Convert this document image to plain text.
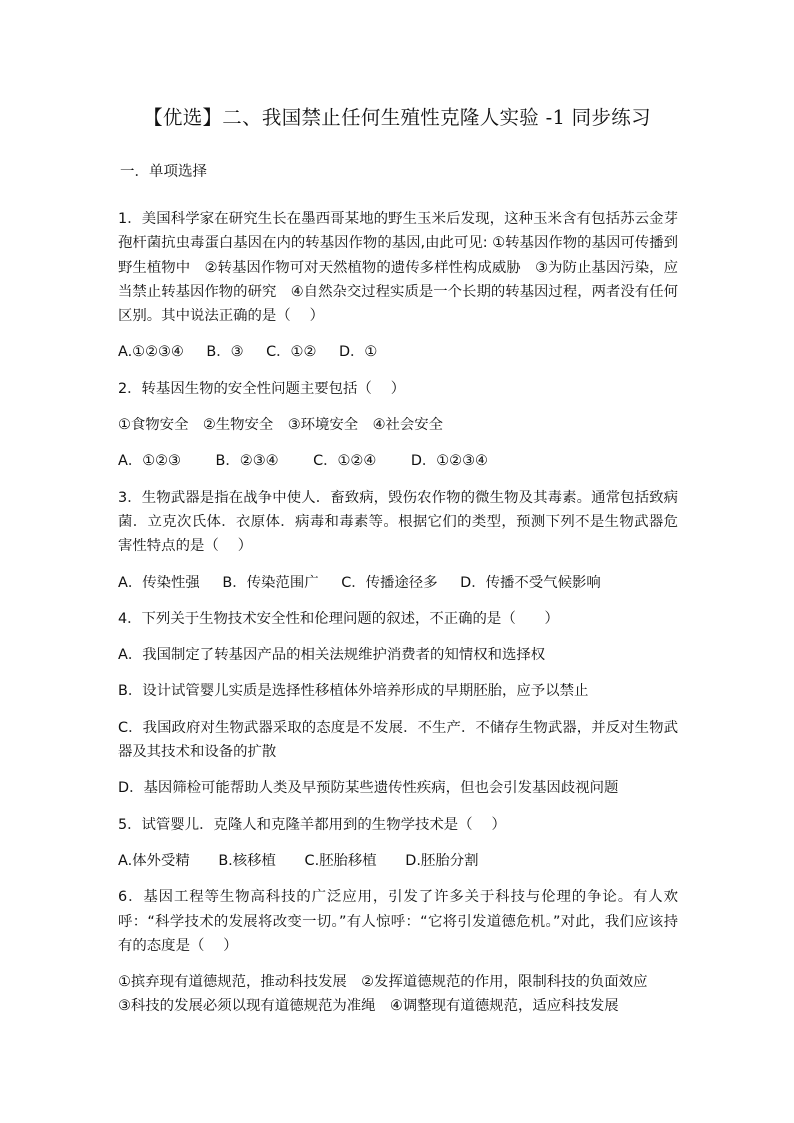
【优选】二、我国禁止任何生殖性克隆人实验 -1 同步练习
一．单项选择
1．美国科学家在研究生长在墨西哥某地的野生玉米后发现，这种玉米含有包括苏云金芽孢杆菌抗虫毒蛋白基因在内的转基因作物的基因,由此可见: ①转基因作物的基因可传播到野生植物中　②转基因作物可对天然植物的遗传多样性构成威胁　③为防止基因污染，应当禁止转基因作物的研究　④自然杂交过程实质是一个长期的转基因过程，两者没有任何区别。其中说法正确的是（　 ）
A.①②③④ B．③ C．①② D．①
2．转基因生物的安全性问题主要包括（　 ）
①食物安全　②生物安全　③环境安全　④社会安全
A．①②③ B．②③④ C．①②④ D．①②③④
3．生物武器是指在战争中使人．畜致病，毁伤农作物的微生物及其毒素。通常包括致病菌．立克次氏体．衣原体．病毒和毒素等。根据它们的类型，预测下列不是生物武器危害性特点的是（　 ）
A．传染性强 B．传染范围广 C．传播途径多 D．传播不受气候影响
4．下列关于生物技术安全性和伦理问题的叙述，不正确的是（　　）
A．我国制定了转基因产品的相关法规维护消费者的知情权和选择权
B．设计试管婴儿实质是选择性移植体外培养形成的早期胚胎，应予以禁止
C．我国政府对生物武器采取的态度是不发展．不生产．不储存生物武器，并反对生物武器及其技术和设备的扩散
D．基因筛检可能帮助人类及早预防某些遗传性疾病，但也会引发基因歧视问题
5．试管婴儿．克隆人和克隆羊都用到的生物学技术是（　 ）
A.体外受精 B.核移植 C.胚胎移植 D.胚胎分割
6．基因工程等生物高科技的广泛应用，引发了许多关于科技与伦理的争论。有人欢呼：“科学技术的发展将改变一切。”有人惊呼：“它将引发道德危机。”对此，我们应该持有的态度是（　 ）
①摈弃现有道德规范，推动科技发展　②发挥道德规范的作用，限制科技的负面效应
③科技的发展必须以现有道德规范为准绳　④调整现有道德规范，适应科技发展
